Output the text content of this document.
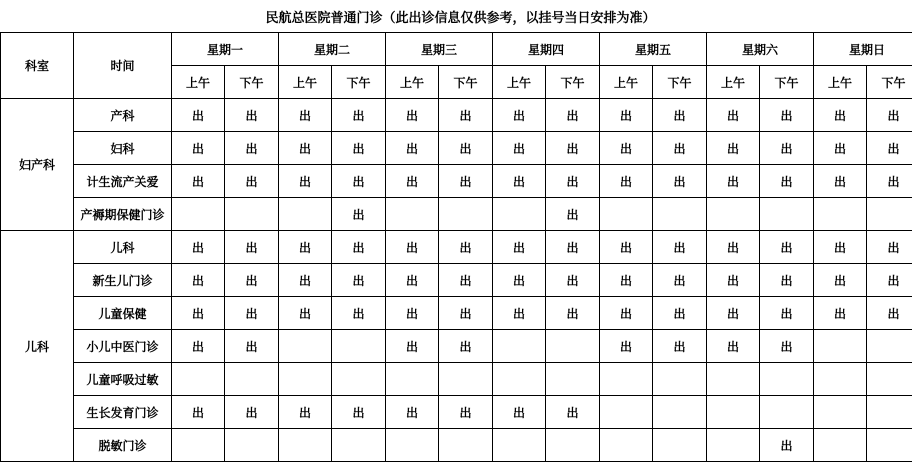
民航总医院普通门诊（此出诊信息仅供参考，以挂号当日安排为准）															
科室	时间	星期一		星期二		星期三		星期四		星期五		星期六		星期日	
		上午	下午	上午	下午	上午	下午	上午	下午	上午	下午	上午	下午	上午	下午
妇产科	产科	出	出	出	出	出	出	出	出	出	出	出	出	出	出
	妇科	出	出	出	出	出	出	出	出	出	出	出	出	出	出
	计生流产关爱	出	出	出	出	出	出	出	出	出	出	出	出	出	出
	产褥期保健门诊				出				出						
儿科	儿科	出	出	出	出	出	出	出	出	出	出	出	出	出	出
	新生儿门诊	出	出	出	出	出	出	出	出	出	出	出	出	出	出
	儿童保健	出	出	出	出	出	出	出	出	出	出	出	出	出	出
	小儿中医门诊	出	出			出	出			出	出	出	出		
	儿童呼吸过敏														
	生长发育门诊	出	出	出	出	出	出	出	出						
	脱敏门诊												出		
